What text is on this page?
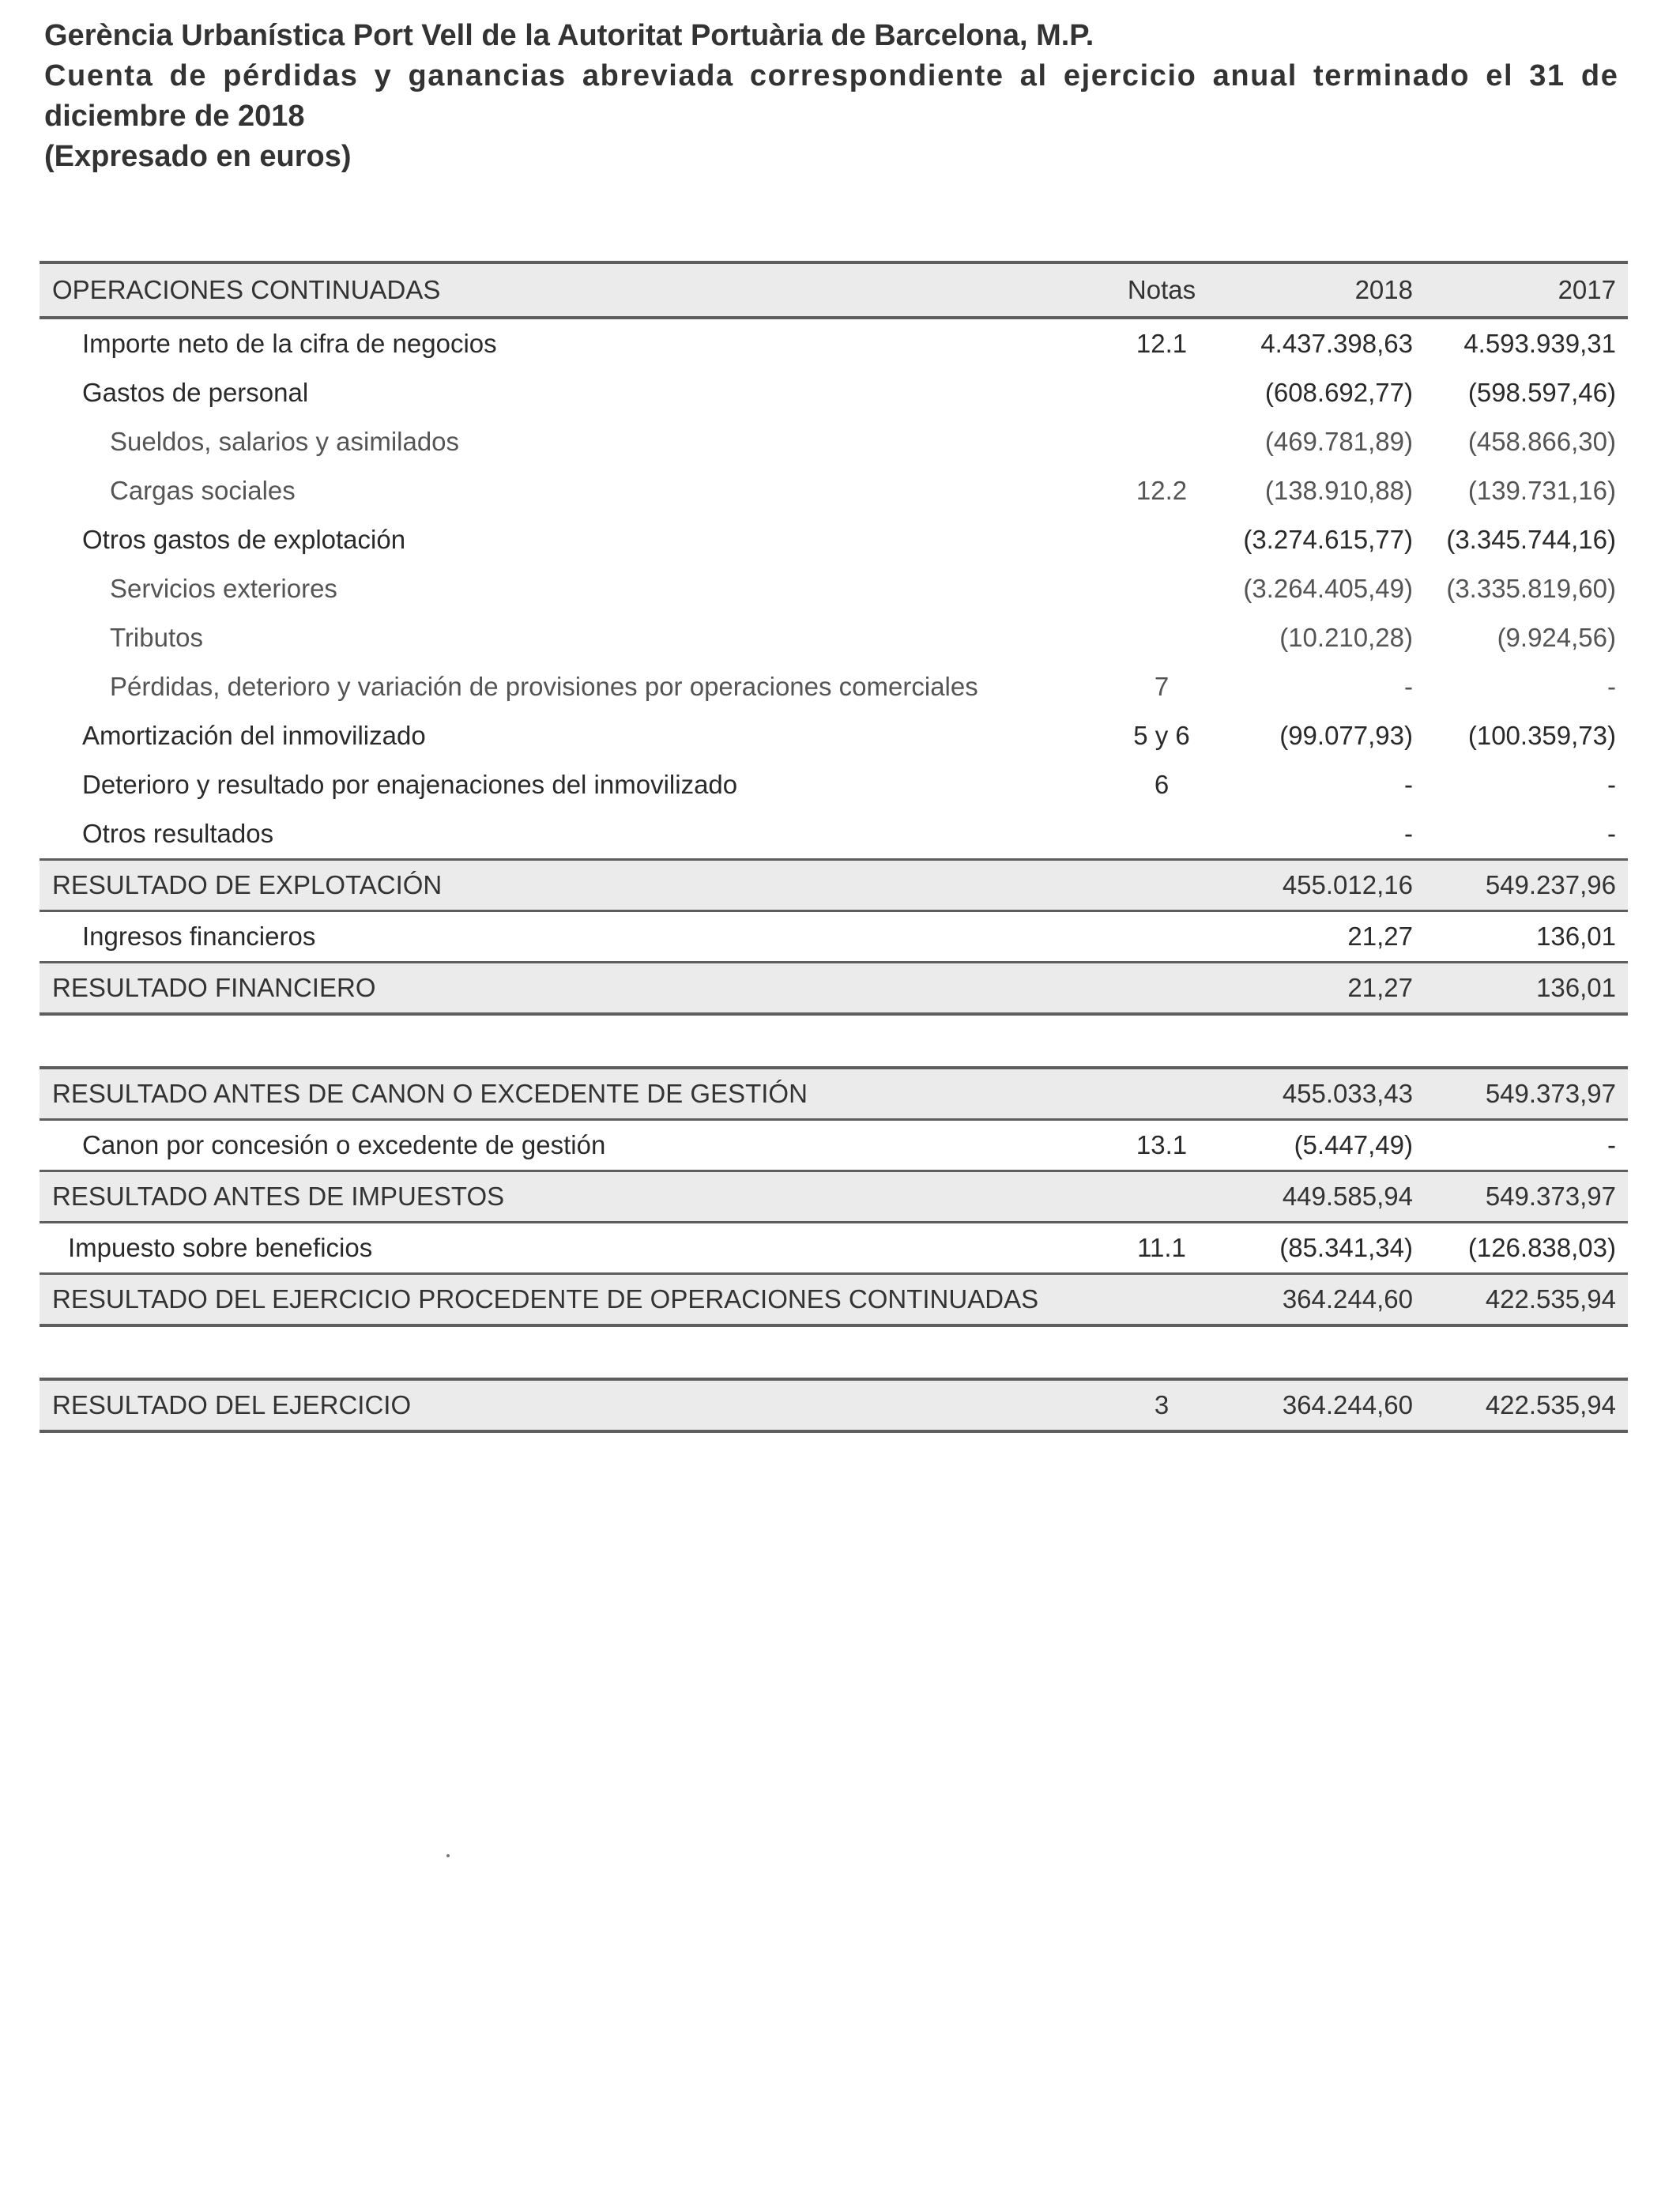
Gerència Urbanística Port Vell de la Autoritat Portuària de Barcelona, M.P.
Cuenta de pérdidas y ganancias abreviada correspondiente al ejercicio anual terminado el 31 de
diciembre de 2018
(Expresado en euros)
OPERACIONES CONTINUADAS	Notas	2018	2017
Importe neto de la cifra de negocios	12.1	4.437.398,63 4.593.939,31
Gastos de personal	(608.692,77) (598.597,46)
Sueldos, salarios y asimilados	(469.781,89) (458.866,30)
Cargas sociales	12.2	(138.910,88) (139.731,16)
Otros gastos de explotación	(3.274.615,77) (3.345.744,16)
Servicios exteriores	(3.264.405,49) (3.335.819,60)
Tributos	(10.210,28)	(9.924,56)
Pérdidas, deterioro y variación de provisiones por operaciones comerciales	7	-	-
Amortización del inmovilizado	5 y 6	(99.077,93) (100.359,73)
Deterioro y resultado por enajenaciones del inmovilizado	6	-	-
Otros resultados	-	-
RESULTADO DE EXPLOTACIÓN	455.012,16	549.237,96
Ingresos financieros	21,27	136,01
RESULTADO FINANCIERO	21,27	136,01
RESULTADO ANTES DE CANON O EXCEDENTE DE GESTIÓN	455.033,43	549.373,97
Canon por concesión o excedente de gestión	13.1	(5.447,49)	-
RESULTADO ANTES DE IMPUESTOS	449.585,94	549.373,97
Impuesto sobre beneficios	11.1	(85.341,34) (126.838,03)
RESULTADO DEL EJERCICIO PROCEDENTE DE OPERACIONES CONTINUADAS	364.244,60	422.535,94
RESULTADO DEL EJERCICIO	3	364.244,60	422.535,94
